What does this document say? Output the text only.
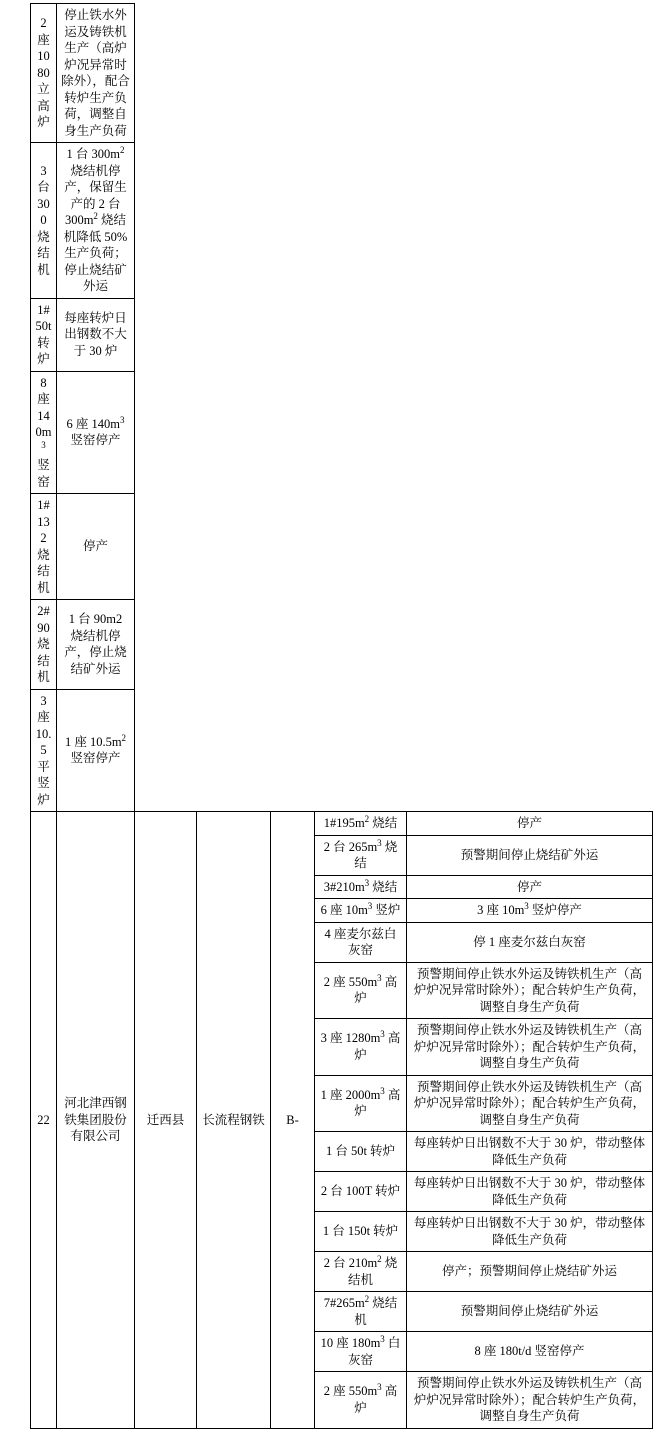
2 座 1080 立高炉	停止铁水外运及铸铁机生产（高炉炉况异常时除外），配合转炉生产负荷，调整自身生产负荷					
3 台 300 烧结机	1 台 $300m^2$ 烧结机停产，保留生产的 2 台 $300m^2$ 烧结机降低 50%生产负荷；停止烧结矿外运					
1#50t 转炉	每座转炉日出钢数不大于 30 炉					
8 座 $140m^3$ 竖窑	6 座 $140m^3$ 竖窑停产					
1#132 烧结机	停产					
2#90 烧结机	1 台 90m2 烧结机停产，停止烧结矿外运					
3 座 10.5 平竖炉	1 座 $10.5m^2$ 竖窑停产					
22	河北津西钢铁集团股份有限公司	迁西县	长流程钢铁	B-	$1\#195m^2$ 烧结	停产
					2 台 $265m^3$ 烧结	预警期间停止烧结矿外运
					$3\#210m^3$ 烧结	停产
					6 座 $10m^3$ 竖炉	3 座 $10m^3$ 竖炉停产
					4 座麦尔兹白灰窑	停 1 座麦尔兹白灰窑
					2 座 $550m^3$ 高炉	预警期间停止铁水外运及铸铁机生产（高炉炉况异常时除外）；配合转炉生产负荷，调整自身生产负荷
					3 座 $1280m^3$ 高炉	预警期间停止铁水外运及铸铁机生产（高炉炉况异常时除外）；配合转炉生产负荷，调整自身生产负荷
					1 座 $2000m^3$ 高炉	预警期间停止铁水外运及铸铁机生产（高炉炉况异常时除外）；配合转炉生产负荷，调整自身生产负荷
					1 台 50t 转炉	每座转炉日出钢数不大于 30 炉，带动整体降低生产负荷
					2 台 100T 转炉	每座转炉日出钢数不大于 30 炉，带动整体降低生产负荷
					1 台 150t 转炉	每座转炉日出钢数不大于 30 炉，带动整体降低生产负荷
					2 台 $210m^2$ 烧结机	停产；预警期间停止烧结矿外运
					$7\#265m^2$ 烧结机	预警期间停止烧结矿外运
					10 座 $180m^3$ 白灰窑	8 座 180t/d 竖窑停产
					2 座 $550m^3$ 高炉	预警期间停止铁水外运及铸铁机生产（高炉炉况异常时除外）；配合转炉生产负荷，调整自身生产负荷
